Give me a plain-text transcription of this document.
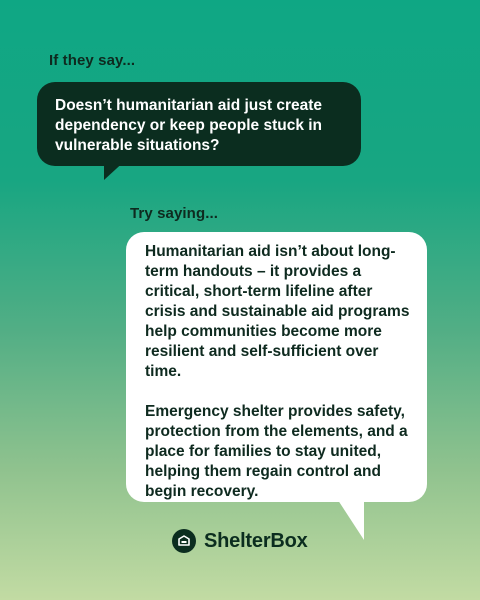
If they say...

Doesn’t humanitarian aid just create dependency or keep people stuck in vulnerable situations?

Try saying...

Humanitarian aid isn’t about long-term handouts – it provides a critical, short-term lifeline after crisis and sustainable aid programs help communities become more resilient and self-sufficient over time.

Emergency shelter provides safety, protection from the elements, and a place for families to stay united, helping them regain control and begin recovery.

ShelterBox
